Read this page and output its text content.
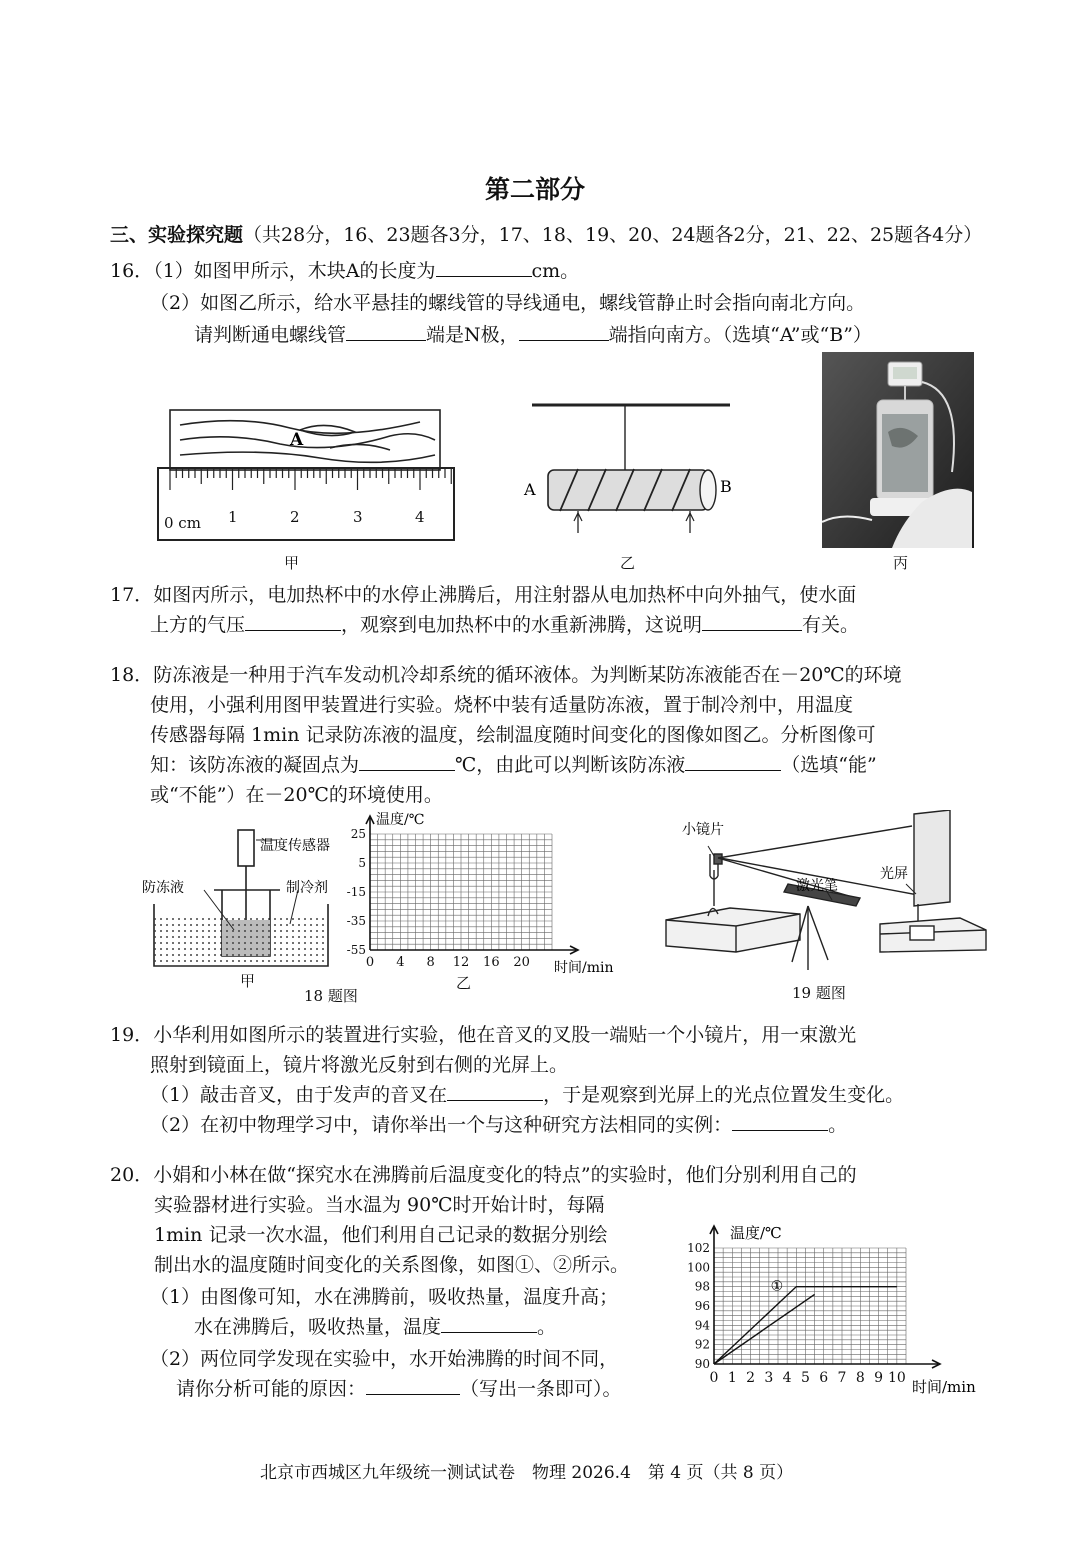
第二部分
三、实验探究题（共28分，16、23题各3分，17、18、19、20、24题各2分，21、22、25题各4分）
16．（1）如图甲所示，木块A的长度为	cm。
（2）如图乙所示，给水平悬挂的螺线管的导线通电，螺线管静止时会指向南北方向。
请判断通电螺线管	端是N极，	端指向南方。（选填“A”或“B”）
A
0 cm 1	2	3	4
甲
A	B
乙	丙
17．如图丙所示，电加热杯中的水停止沸腾后，用注射器从电加热杯中向外抽气，使水面
上方的气压	，观察到电加热杯中的水重新沸腾，这说明	有关。
18．防冻液是一种用于汽车发动机冷却系统的循环液体。为判断某防冻液能否在－20℃的环境
使用，小强利用图甲装置进行实验。烧杯中装有适量防冻液，置于制冷剂中，用温度
传感器每隔 1min 记录防冻液的温度，绘制温度随时间变化的图像如图乙。分析图像可
知：该防冻液的凝固点为	℃，由此可以判断该防冻液	（选填“能”
或“不能”）在－20℃的环境使用。
温度传感器
防冻液	制冷剂
甲
25
5
-15
-35
-55
0 4 8 12 16 20
温度/℃
时间/min
乙
18 题图
小镜片
激光笔
光屏
19 题图
19．小华利用如图所示的装置进行实验，他在音叉的叉股一端贴一个小镜片，用一束激光
照射到镜面上，镜片将激光反射到右侧的光屏上。
（1）敲击音叉，由于发声的音叉在	，于是观察到光屏上的光点位置发生变化。
（2）在初中物理学习中，请你举出一个与这种研究方法相同的实例：	。
20．小娟和小林在做“探究水在沸腾前后温度变化的特点”的实验时，他们分别利用自己的
实验器材进行实验。当水温为 90℃时开始计时，每隔
1min 记录一次水温，他们利用自己记录的数据分别绘
制出水的温度随时间变化的关系图像，如图①、②所示。
（1）由图像可知，水在沸腾前，吸收热量，温度升高；
水在沸腾后，吸收热量，温度	。
（2）两位同学发现在实验中，水开始沸腾的时间不同，
请你分析可能的原因：	（写出一条即可）。
90
92
94
96
98
100
102
0 1 2 3 4 5 6 7 8 9 10
温度/℃
时间/min
①
北京市西城区九年级统一测试试卷　物理 2026.4　第 4 页（共 8 页）
